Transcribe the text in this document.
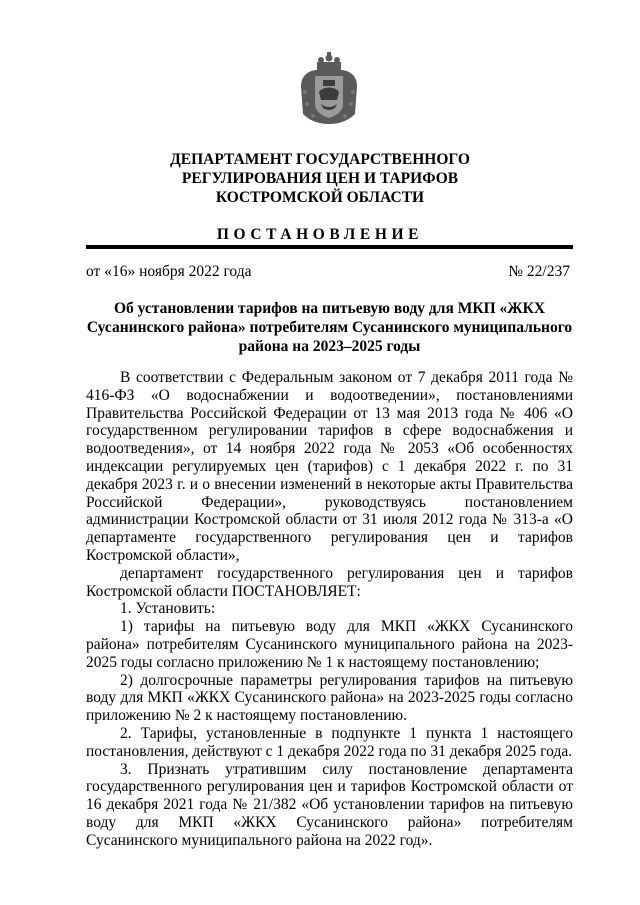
ДЕПАРТАМЕНТ ГОСУДАРСТВЕННОГО
РЕГУЛИРОВАНИЯ ЦЕН И ТАРИФОВ
КОСТРОМСКОЙ ОБЛАСТИ
ПОСТАНОВЛЕНИЕ
от «16» ноября 2022 года	№ 22/237
Об установлении тарифов на питьевую воду для МКП «ЖКХ Сусанинского района» потребителям Сусанинского муниципального района на 2023–2025 годы

В соответствии с Федеральным законом от 7 декабря 2011 года № 416-ФЗ «О водоснабжении и водоотведении», постановлениями Правительства Российской Федерации от 13 мая 2013 года № 406 «О государственном регулировании тарифов в сфере водоснабжения и водоотведения», от 14 ноября 2022 года № 2053 «Об особенностях индексации регулируемых цен (тарифов) с 1 декабря 2022 г. по 31 декабря 2023 г. и о внесении изменений в некоторые акты Правительства Российской Федерации», руководствуясь постановлением администрации Костромской области от 31 июля 2012 года № 313-а «О департаменте государственного регулирования цен и тарифов Костромской области»,

департамент государственного регулирования цен и тарифов Костромской области ПОСТАНОВЛЯЕТ:

1. Установить:

1) тарифы на питьевую воду для МКП «ЖКХ Сусанинского района» потребителям Сусанинского муниципального района на 2023-2025 годы согласно приложению № 1 к настоящему постановлению;

2) долгосрочные параметры регулирования тарифов на питьевую воду для МКП «ЖКХ Сусанинского района» на 2023-2025 годы согласно приложению № 2 к настоящему постановлению.

2. Тарифы, установленные в подпункте 1 пункта 1 настоящего постановления, действуют с 1 декабря 2022 года по 31 декабря 2025 года.

3. Признать утратившим силу постановление департамента государственного регулирования цен и тарифов Костромской области от 16 декабря 2021 года № 21/382 «Об установлении тарифов на питьевую воду для МКП «ЖКХ Сусанинского района» потребителям Сусанинского муниципального района на 2022 год».
